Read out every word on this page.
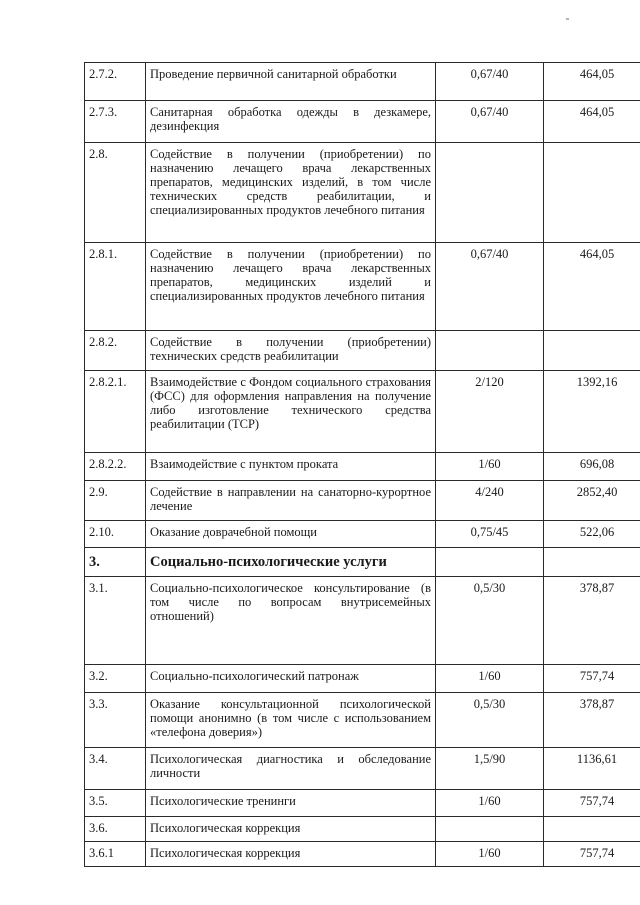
2.7.2.	Проведение первичной санитарной обработки	0,67/40	464,05
2.7.3.	Санитарная обработка одежды в дезкамере, дезинфекция	0,67/40	464,05
2.8.	Содействие в получении (приобретении) по назначению лечащего врача лекарственных препаратов, медицинских изделий, в том числе технических средств реабилитации, и специализированных продуктов лечебного питания		
2.8.1.	Содействие в получении (приобретении) по назначению лечащего врача лекарственных препаратов, медицинских изделий и специализированных продуктов лечебного питания	0,67/40	464,05
2.8.2.	Содействие в получении (приобретении) технических средств реабилитации		
2.8.2.1.	Взаимодействие с Фондом социального страхования (ФСС) для оформления направления на получение либо изготовление технического средства реабилитации (ТСР)	2/120	1392,16
2.8.2.2.	Взаимодействие с пунктом проката	1/60	696,08
2.9.	Содействие в направлении на санаторно-курортное лечение	4/240	2852,40
2.10.	Оказание доврачебной помощи	0,75/45	522,06
3.	Социально-психологические услуги		
3.1.	Социально-психологическое консультирование (в том числе по вопросам внутрисемейных отношений)	0,5/30	378,87
3.2.	Социально-психологический патронаж	1/60	757,74
3.3.	Оказание консультационной психологической помощи анонимно (в том числе с использованием «телефона доверия»)	0,5/30	378,87
3.4.	Психологическая диагностика и обследование личности	1,5/90	1136,61
3.5.	Психологические тренинги	1/60	757,74
3.6.	Психологическая коррекция		
3.6.1	Психологическая коррекция	1/60	757,74
